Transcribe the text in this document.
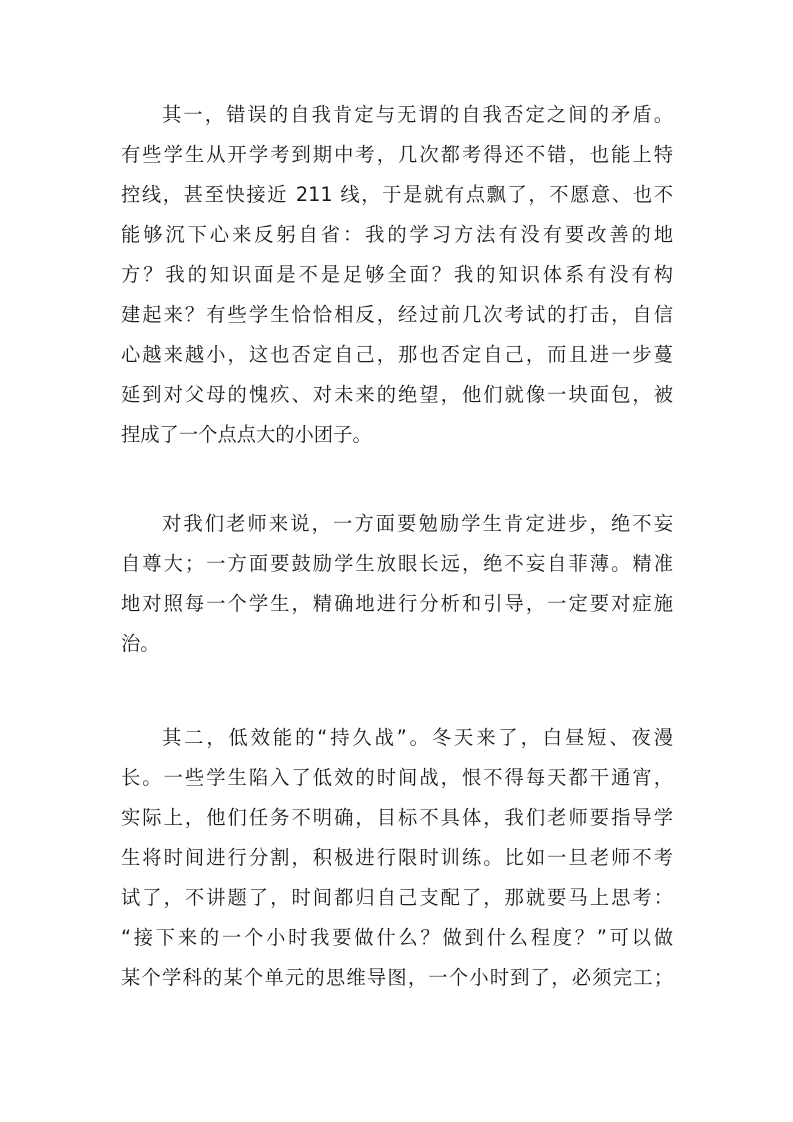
其一，错误的自我肯定与无谓的自我否定之间的矛盾。
有些学生从开学考到期中考，几次都考得还不错，也能上特
控线，甚至快接近 211 线，于是就有点飘了，不愿意、也不
能够沉下心来反躬自省：我的学习方法有没有要改善的地
方？我的知识面是不是足够全面？我的知识体系有没有构
建起来？有些学生恰恰相反，经过前几次考试的打击，自信
心越来越小，这也否定自己，那也否定自己，而且进一步蔓
延到对父母的愧疚、对未来的绝望，他们就像一块面包，被
捏成了一个点点大的小团子。
对我们老师来说，一方面要勉励学生肯定进步，绝不妄
自尊大；一方面要鼓励学生放眼长远，绝不妄自菲薄。精准
地对照每一个学生，精确地进行分析和引导，一定要对症施
治。
其二，低效能的“持久战”。冬天来了，白昼短、夜漫
长。一些学生陷入了低效的时间战，恨不得每天都干通宵，
实际上，他们任务不明确，目标不具体，我们老师要指导学
生将时间进行分割，积极进行限时训练。比如一旦老师不考
试了，不讲题了，时间都归自己支配了，那就要马上思考：
“接下来的一个小时我要做什么？做到什么程度？”可以做
某个学科的某个单元的思维导图，一个小时到了，必须完工；
